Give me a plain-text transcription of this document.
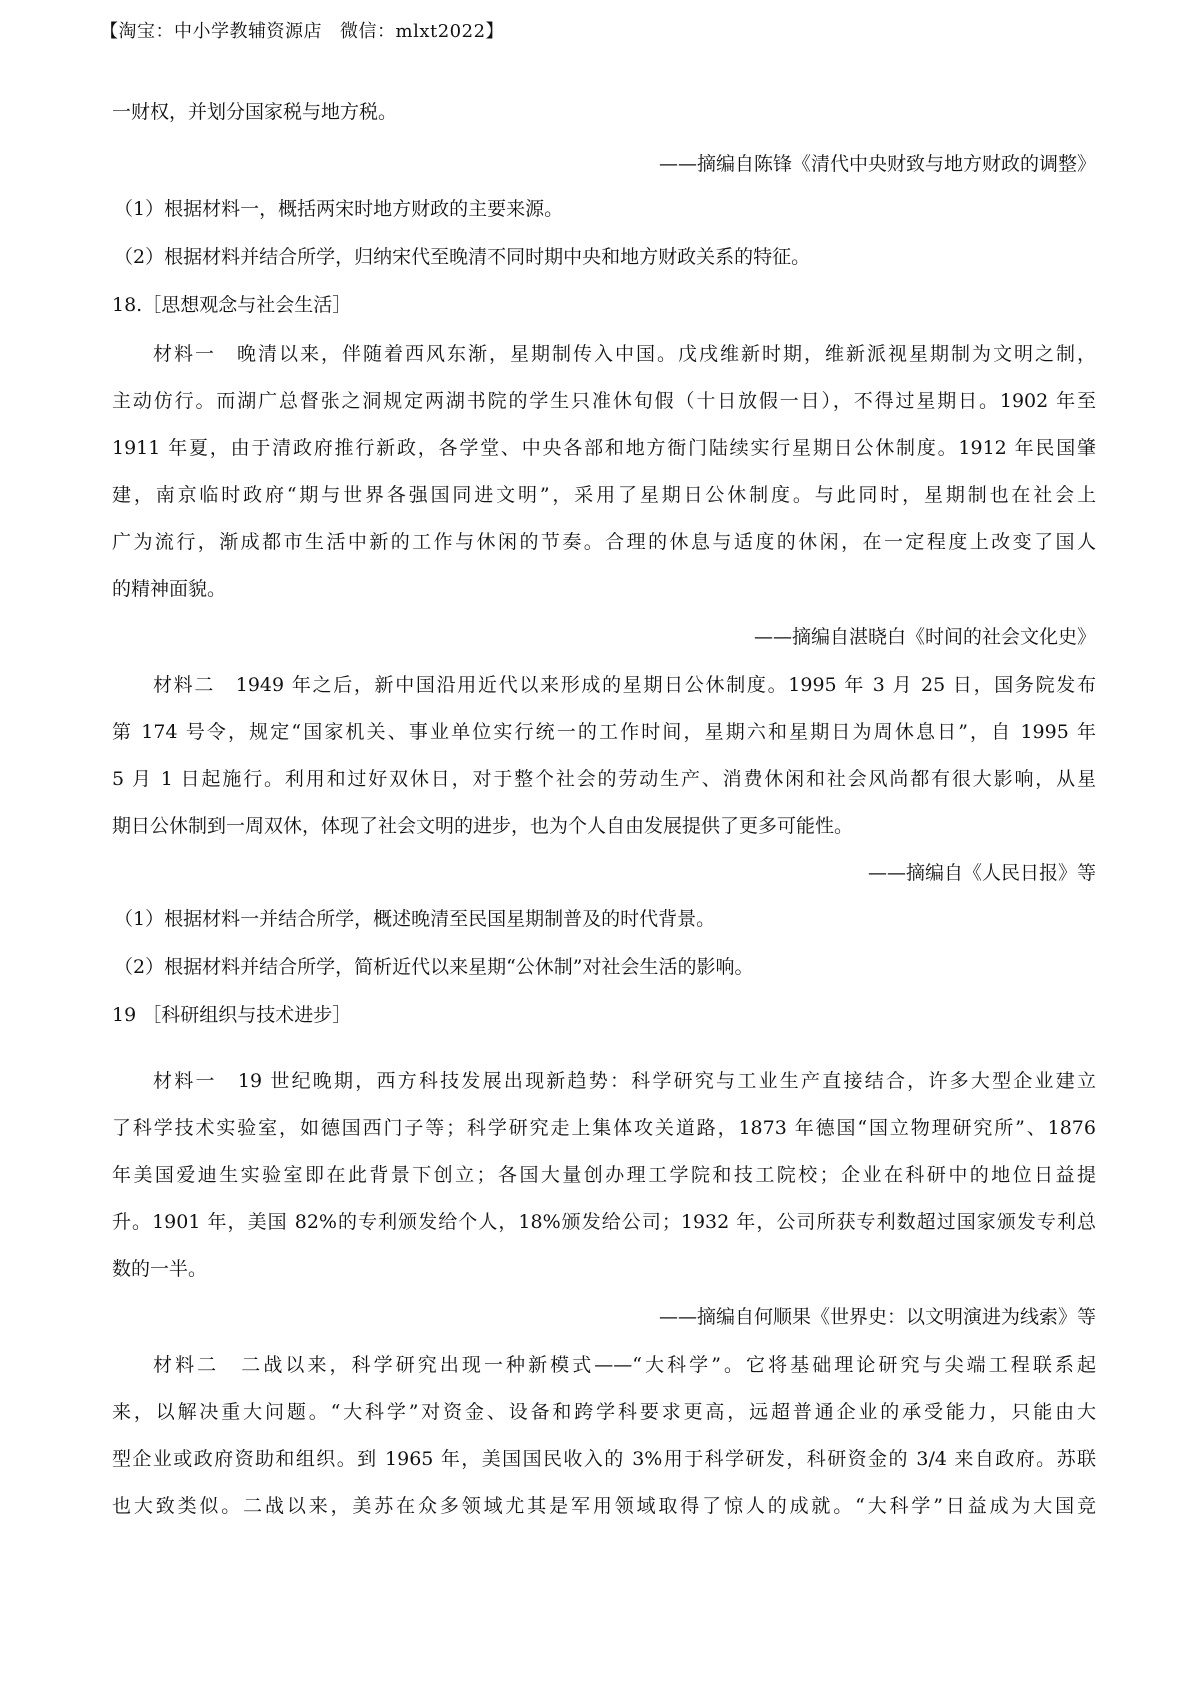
【淘宝：中小学教辅资源店 微信：mlxt2022】
一财权，并划分国家税与地方税。
——摘编自陈锋《清代中央财致与地方财政的调整》
（1）根据材料一，概括两宋时地方财政的主要来源。
（2）根据材料并结合所学，归纳宋代至晚清不同时期中央和地方财政关系的特征。
18.［思想观念与社会生活］
材料一　晚清以来，伴随着西风东渐，星期制传入中国。戊戌维新时期，维新派视星期制为文明之制，
主动仿行。而湖广总督张之洞规定两湖书院的学生只准休旬假（十日放假一日），不得过星期日。1902 年至
1911 年夏，由于清政府推行新政，各学堂、中央各部和地方衙门陆续实行星期日公休制度。1912 年民国肇
建，南京临时政府“期与世界各强国同进文明”，采用了星期日公休制度。与此同时，星期制也在社会上
广为流行，渐成都市生活中新的工作与休闲的节奏。合理的休息与适度的休闲，在一定程度上改变了国人
的精神面貌。
——摘编自湛晓白《时间的社会文化史》
材料二　1949 年之后，新中国沿用近代以来形成的星期日公休制度。1995 年 3 月 25 日，国务院发布
第 174 号令，规定“国家机关、事业单位实行统一的工作时间，星期六和星期日为周休息日”，自 1995 年
5 月 1 日起施行。利用和过好双休日，对于整个社会的劳动生产、消费休闲和社会风尚都有很大影响，从星
期日公休制到一周双休，体现了社会文明的进步，也为个人自由发展提供了更多可能性。
——摘编自《人民日报》等
（1）根据材料一并结合所学，概述晚清至民国星期制普及的时代背景。
（2）根据材料并结合所学，简析近代以来星期“公休制”对社会生活的影响。
19 ［科研组织与技术进步］
材料一　19 世纪晚期，西方科技发展出现新趋势：科学研究与工业生产直接结合，许多大型企业建立
了科学技术实验室，如德国西门子等；科学研究走上集体攻关道路，1873 年德国“国立物理研究所”、1876
年美国爱迪生实验室即在此背景下创立；各国大量创办理工学院和技工院校；企业在科研中的地位日益提
升。1901 年，美国 82%的专利颁发给个人，18%颁发给公司；1932 年，公司所获专利数超过国家颁发专利总
数的一半。
——摘编自何顺果《世界史：以文明演进为线索》等
材料二　二战以来，科学研究出现一种新模式——“大科学”。它将基础理论研究与尖端工程联系起
来，以解决重大问题。“大科学”对资金、设备和跨学科要求更高，远超普通企业的承受能力，只能由大
型企业或政府资助和组织。到 1965 年，美国国民收入的 3%用于科学研发，科研资金的 3/4 来自政府。苏联
也大致类似。二战以来，美苏在众多领域尤其是军用领域取得了惊人的成就。“大科学”日益成为大国竞
